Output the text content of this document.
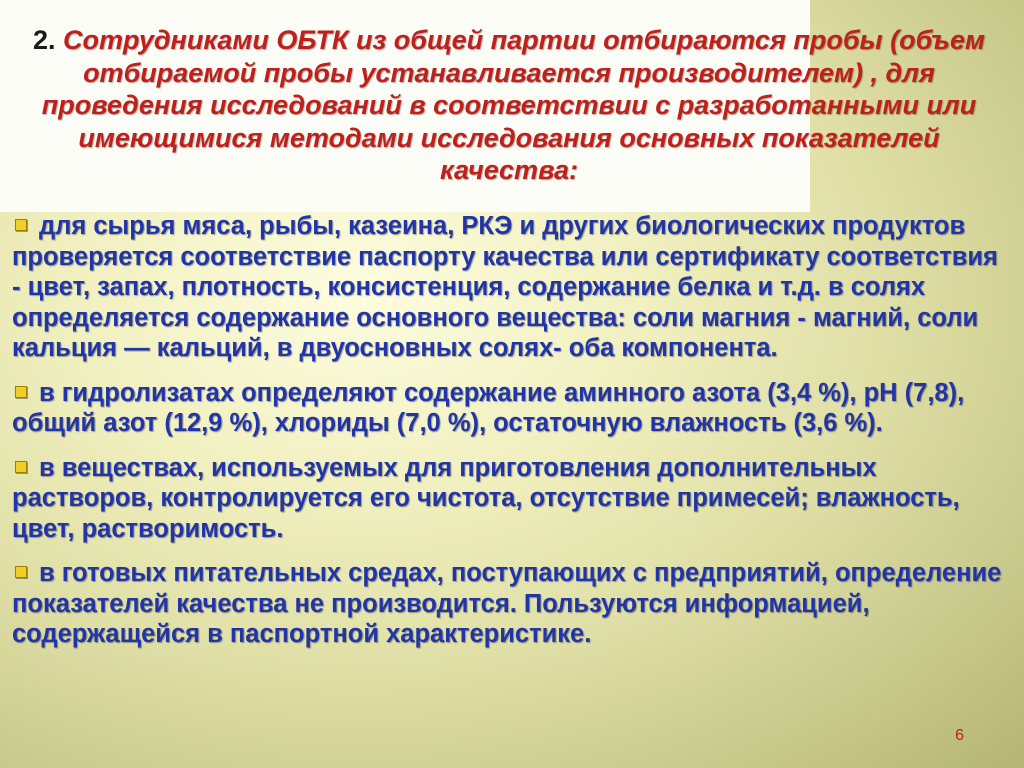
2. Сотрудниками ОБТК из общей партии отбираются пробы (объем отбираемой пробы устанавливается производителем) , для проведения исследований в соответствии с разработанными или имеющимися методами исследования основных показателей качества:
для сырья мяса, рыбы, казеина, РКЭ и других биологических продуктов проверяется соответствие паспорту качества или сертификату соответствия - цвет, запах, плотность, консистенция, содержание белка и т.д. в солях определяется содержание основного вещества: соли магния - магний, соли кальция — кальций, в двуосновных солях- оба компонента.
в гидролизатах определяют содержание аминного азота (3,4 %), рН (7,8), общий азот (12,9 %), хлориды (7,0 %), остаточную влажность (3,6 %).
в веществах, используемых для приготовления дополнительных растворов, контролируется его чистота, отсутствие примесей; влажность, цвет, растворимость.
в готовых питательных средах, поступающих с предприятий, определение показателей качества не производится. Пользуются информацией, содержащейся в паспортной характеристике.
6
